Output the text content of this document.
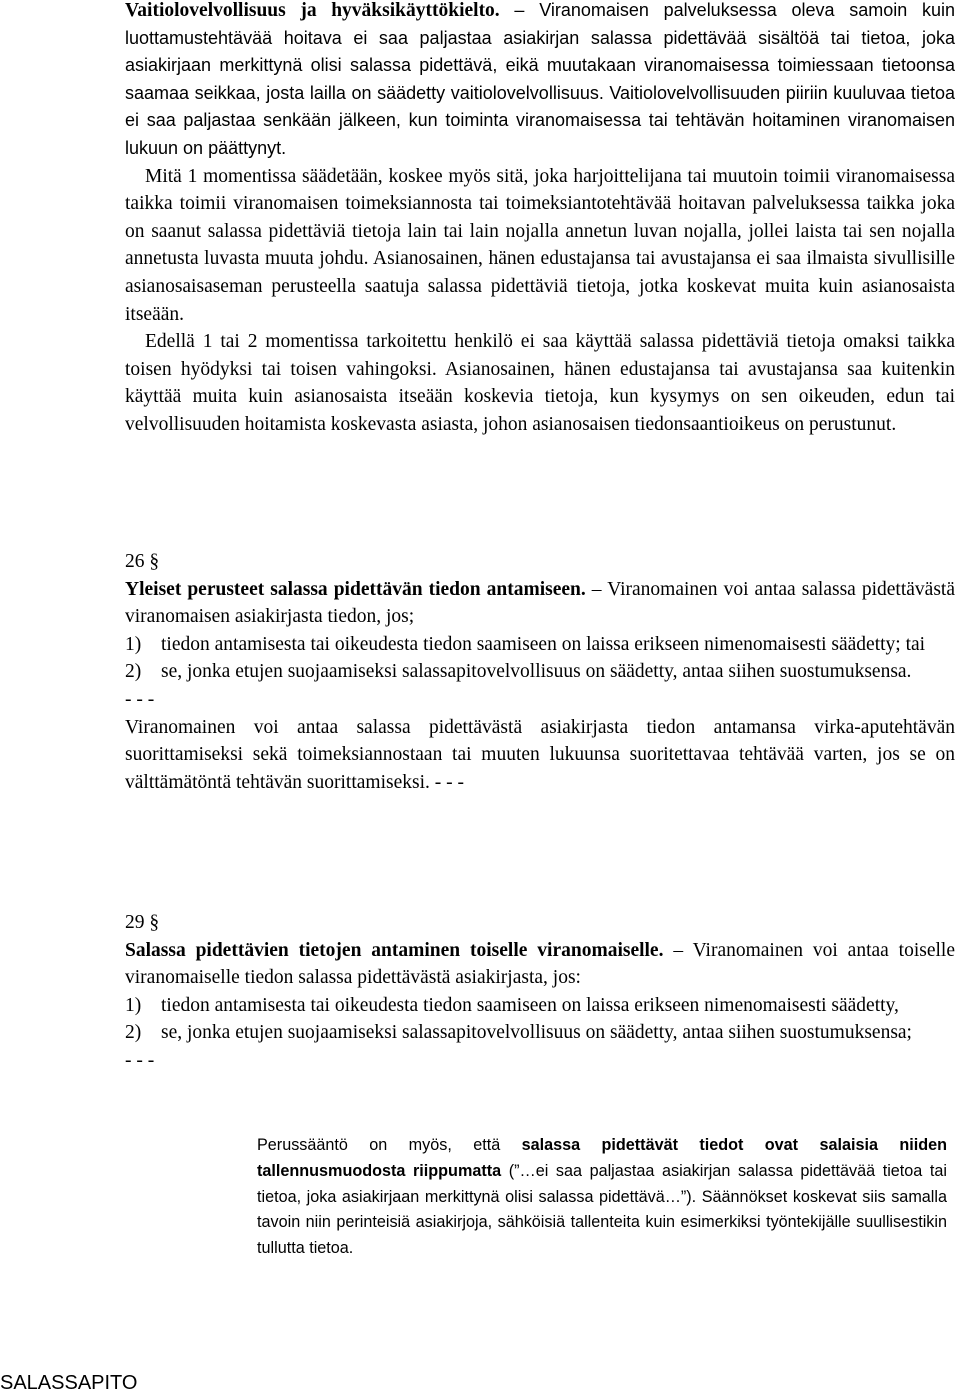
Vaitiolovelvollisuus ja hyväksikäyttökielto. – Viranomaisen palveluksessa oleva samoin kuin luottamustehtävää hoitava ei saa paljastaa asiakirjan salassa pidettävää sisältöä tai tietoa, joka asiakirjaan merkittynä olisi salassa pidettävä, eikä muutakaan viranomaisessa toimiessaan tietoonsa saamaa seikkaa, josta lailla on säädetty vaitiolovelvollisuus. Vaitiolovelvollisuuden piiriin kuuluvaa tietoa ei saa paljastaa senkään jälkeen, kun toiminta viranomaisessa tai tehtävän hoitaminen viranomaisen lukuun on päättynyt.

Mitä 1 momentissa säädetään, koskee myös sitä, joka harjoittelijana tai muutoin toimii viranomaisessa taikka toimii viranomaisen toimeksiannosta tai toimeksiantotehtävää hoitavan palveluksessa taikka joka on saanut salassa pidettäviä tietoja lain tai lain nojalla annetun luvan nojalla, jollei laista tai sen nojalla annetusta luvasta muuta johdu. Asianosainen, hänen edustajansa tai avustajansa ei saa ilmaista sivullisille asianosaisaseman perusteella saatuja salassa pidettäviä tietoja, jotka koskevat muita kuin asianosaista itseään.

Edellä 1 tai 2 momentissa tarkoitettu henkilö ei saa käyttää salassa pidettäviä tietoja omaksi taikka toisen hyödyksi tai toisen vahingoksi. Asianosainen, hänen edustajansa tai avustajansa saa kuitenkin käyttää muita kuin asianosaista itseään koskevia tietoja, kun kysymys on sen oikeuden, edun tai velvollisuuden hoitamista koskevasta asiasta, johon asianosaisen tiedonsaantioikeus on perustunut.

26 §

Yleiset perusteet salassa pidettävän tiedon antamiseen. – Viranomainen voi antaa salassa pidettävästä viranomaisen asiakirjasta tiedon, jos;

1) tiedon antamisesta tai oikeudesta tiedon saamiseen on laissa erikseen nimenomaisesti säädetty; tai

2) se, jonka etujen suojaamiseksi salassapitovelvollisuus on säädetty, antaa siihen suostumuksensa.

- - -

Viranomainen voi antaa salassa pidettävästä asiakirjasta tiedon antamansa virka-aputehtävän suorittamiseksi sekä toimeksiannostaan tai muuten lukuunsa suoritettavaa tehtävää varten, jos se on välttämätöntä tehtävän suorittamiseksi. - - -

29 §

Salassa pidettävien tietojen antaminen toiselle viranomaiselle. – Viranomainen voi antaa toiselle viranomaiselle tiedon salassa pidettävästä asiakirjasta, jos:

1) tiedon antamisesta tai oikeudesta tiedon saamiseen on laissa erikseen nimenomaisesti säädetty,

2) se, jonka etujen suojaamiseksi salassapitovelvollisuus on säädetty, antaa siihen suostumuksensa;

- - -
Perussääntö on myös, että salassa pidettävät tiedot ovat salaisia niiden tallennusmuodosta riippumatta (”…ei saa paljastaa asiakirjan salassa pidettävää tietoa tai tietoa, joka asiakirjaan merkittynä olisi salassa pidettävä…”). Säännökset koskevat siis samalla tavoin niin perinteisiä asiakirjoja, sähköisiä tallenteita kuin esimerkiksi työntekijälle suullisestikin tullutta tietoa.
SALASSAPITO
